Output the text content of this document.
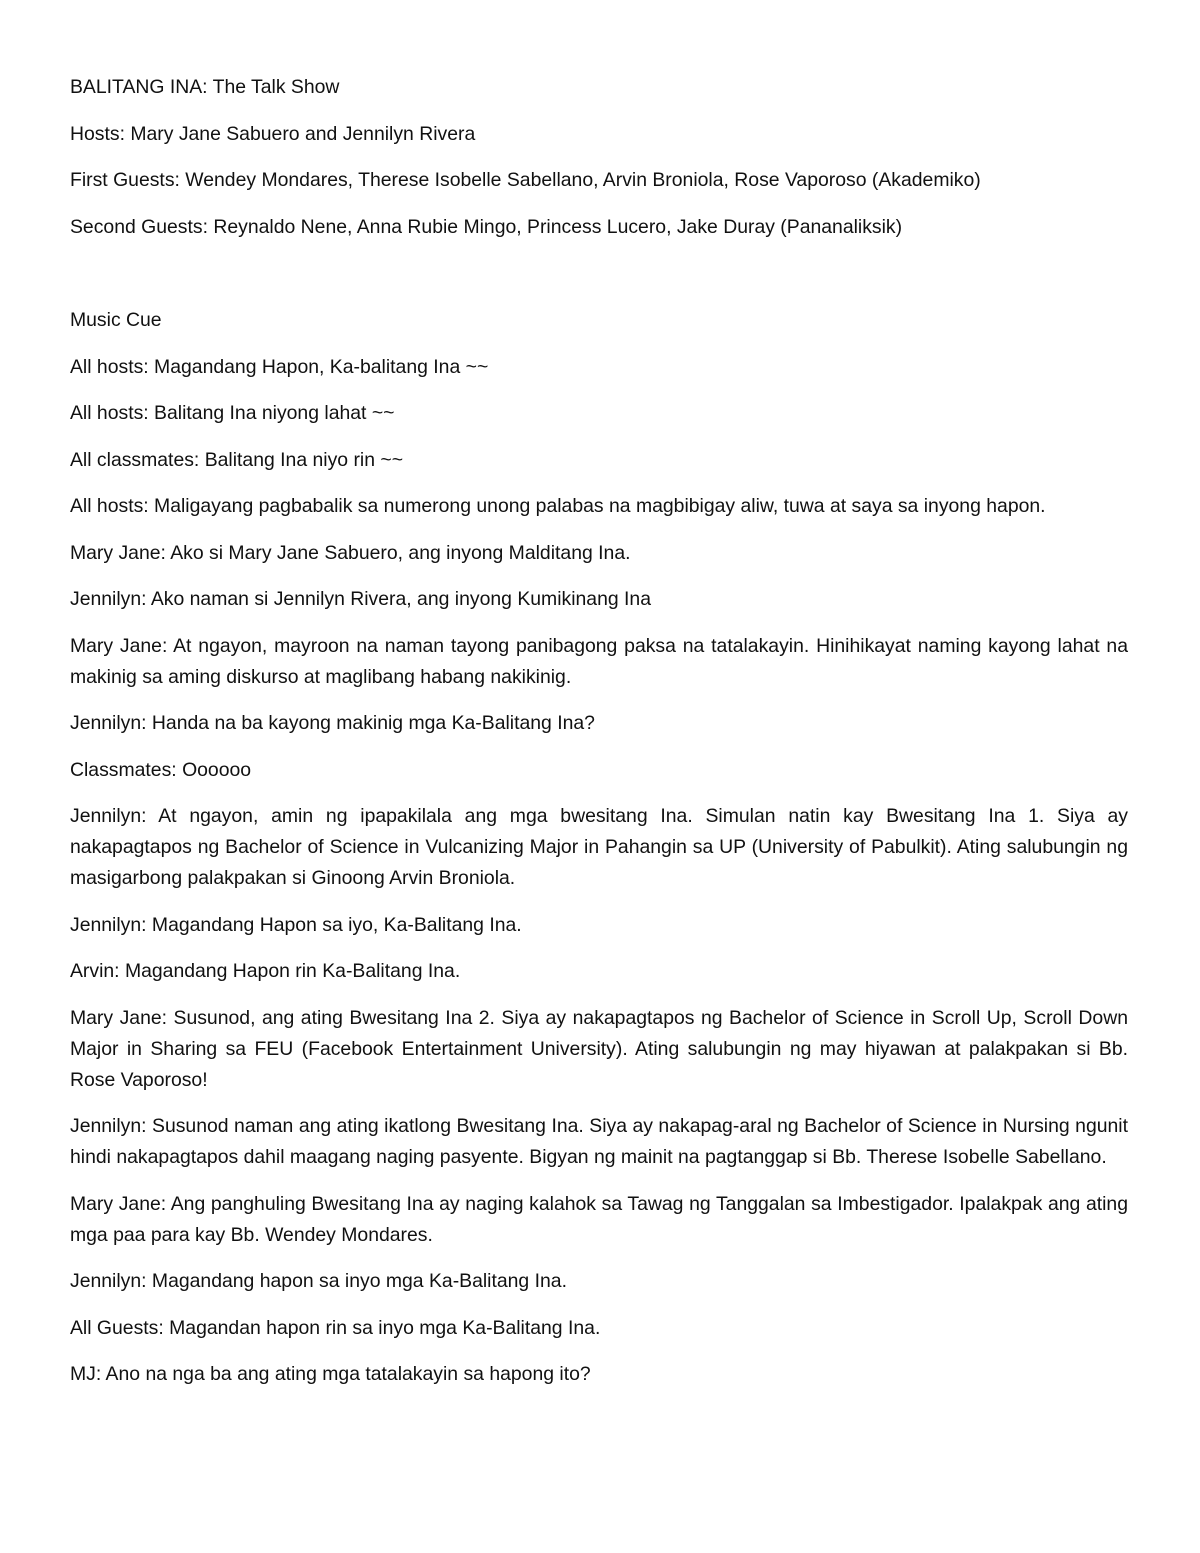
BALITANG INA: The Talk Show

Hosts: Mary Jane Sabuero and Jennilyn Rivera

First Guests: Wendey Mondares, Therese Isobelle Sabellano, Arvin Broniola, Rose Vaporoso (Akademiko)

Second Guests: Reynaldo Nene, Anna Rubie Mingo, Princess Lucero, Jake Duray (Pananaliksik)

Music Cue

All hosts: Magandang Hapon, Ka-balitang Ina ~~

All hosts: Balitang Ina niyong lahat ~~

All classmates: Balitang Ina niyo rin ~~

All hosts: Maligayang pagbabalik sa numerong unong palabas na magbibigay aliw, tuwa at saya sa inyong hapon.

Mary Jane: Ako si Mary Jane Sabuero, ang inyong Malditang Ina.

Jennilyn: Ako naman si Jennilyn Rivera, ang inyong Kumikinang Ina

Mary Jane: At ngayon, mayroon na naman tayong panibagong paksa na tatalakayin. Hinihikayat naming kayong lahat na makinig sa aming diskurso at maglibang habang nakikinig.

Jennilyn: Handa na ba kayong makinig mga Ka-Balitang Ina?

Classmates: Oooooo

Jennilyn: At ngayon, amin ng ipapakilala ang mga bwesitang Ina. Simulan natin kay Bwesitang Ina 1. Siya ay nakapagtapos ng Bachelor of Science in Vulcanizing Major in Pahangin sa UP (University of Pabulkit). Ating salubungin ng masigarbong palakpakan si Ginoong Arvin Broniola.

Jennilyn: Magandang Hapon sa iyo, Ka-Balitang Ina.

Arvin: Magandang Hapon rin Ka-Balitang Ina.

Mary Jane: Susunod, ang ating Bwesitang Ina 2. Siya ay nakapagtapos ng Bachelor of Science in Scroll Up, Scroll Down Major in Sharing sa FEU (Facebook Entertainment University). Ating salubungin ng may hiyawan at palakpakan si Bb. Rose Vaporoso!

Jennilyn: Susunod naman ang ating ikatlong Bwesitang Ina. Siya ay nakapag-aral ng Bachelor of Science in Nursing ngunit hindi nakapagtapos dahil maagang naging pasyente. Bigyan ng mainit na pagtanggap si Bb. Therese Isobelle Sabellano.

Mary Jane: Ang panghuling Bwesitang Ina ay naging kalahok sa Tawag ng Tanggalan sa Imbestigador. Ipalakpak ang ating mga paa para kay Bb. Wendey Mondares.

Jennilyn: Magandang hapon sa inyo mga Ka-Balitang Ina.

All Guests: Magandan hapon rin sa inyo mga Ka-Balitang Ina.

MJ: Ano na nga ba ang ating mga tatalakayin sa hapong ito?
